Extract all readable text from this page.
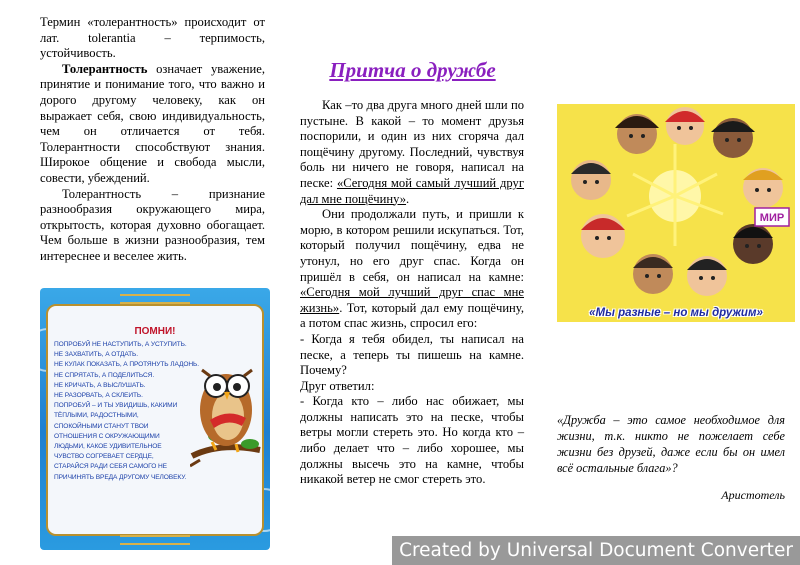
Термин «толерантность» происходит от лат. tolerantia – терпимость, устойчивость.

Толерантность означает уважение, принятие и понимание того, что важно и дорого другому человеку, как он выражает себя, свою индивидуальность, чем он отличается от тебя. Толерантности способствуют знания. Широкое общение и свобода мысли, совести, убеждений.

Толерантность – признание разнообразия окружающего мира, открытость, которая духовно обогащает. Чем больше в жизни разнообразия, тем интереснее и веселее жить.

ПОМНИ!
ПОПРОБУЙ НЕ НАСТУПИТЬ, А УСТУПИТЬ.
НЕ ЗАХВАТИТЬ, А ОТДАТЬ.
НЕ КУЛАК ПОКАЗАТЬ, А ПРОТЯНУТЬ ЛАДОНЬ.
НЕ СПРЯТАТЬ, А ПОДЕЛИТЬСЯ.
НЕ КРИЧАТЬ, А ВЫСЛУШАТЬ.
НЕ РАЗОРВАТЬ, А СКЛЕИТЬ.
ПОПРОБУЙ – И ТЫ УВИДИШЬ, КАКИМИ
ТЁПЛЫМИ, РАДОСТНЫМИ,
СПОКОЙНЫМИ СТАНУТ ТВОИ
ОТНОШЕНИЯ С ОКРУЖАЮЩИМИ
ЛЮДЬМИ, КАКОЕ УДИВИТЕЛЬНОЕ
ЧУВСТВО СОГРЕВАЕТ СЕРДЦЕ,
СТАРАЙСЯ РАДИ СЕБЯ САМОГО НЕ
ПРИЧИНЯТЬ ВРЕДА ДРУГОМУ ЧЕЛОВЕКУ.
Притча о дружбе

Как –то два друга много дней шли по пустыне. В какой – то момент друзья поспорили, и один из них сгоряча дал пощёчину другому. Последний, чувствуя боль ни ничего не говоря, написал на песке: «Сегодня мой самый лучший друг дал мне пощёчину».

Они продолжали путь, и пришли к морю, в котором решили искупаться. Тот, который получил пощёчину, едва не утонул, но его друг спас. Когда он пришёл в себя, он написал на камне: «Сегодня мой лучший друг спас мне жизнь». Тот, который дал ему пощёчину, а потом спас жизнь, спросил его:

- Когда я тебя обидел, ты написал на песке, а теперь ты пишешь на камне. Почему?

Друг ответил:

- Когда кто – либо нас обижает, мы должны написать это на песке, чтобы ветры могли стереть это. Но когда кто – либо делает что – либо хорошее, мы должны высечь это на камне, чтобы никакой ветер не смог стереть это.

МИР
«Мы разные – но мы дружим»

«Дружба – это самое необходимое для жизни, т.к. никто не пожелает себе жизни без друзей, даже если бы он имел всё остальные блага»?

Аристотель
Created by Universal Document Converter
